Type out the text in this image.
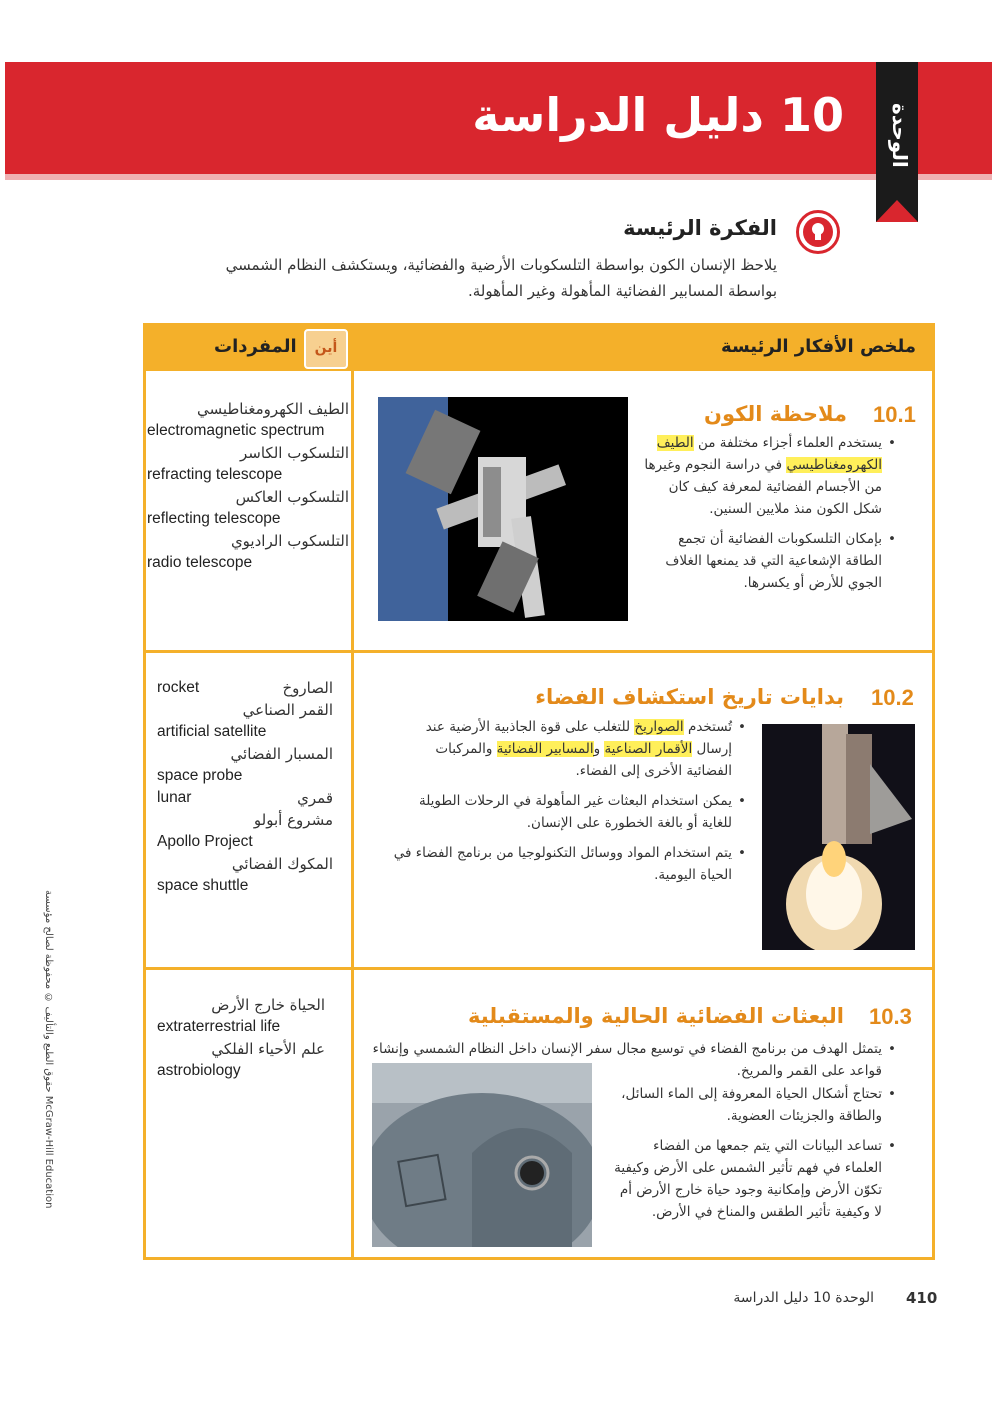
10 دليل الدراسة	الوحدة
الفكرة الرئيسة
يلاحظ الإنسان الكون بواسطة التلسكوبات الأرضية والفضائية، ويستكشف النظام الشمسي بواسطة المسابير الفضائية المأهولة وغير المأهولة.
ملخص الأفكار الرئيسة
المفردات	أين
10.1
ملاحظة الكون
• يستخدم العلماء أجزاء مختلفة من الطيف الكهرومغناطيسي في دراسة النجوم وغيرها من الأجسام الفضائية لمعرفة كيف كان شكل الكون منذ ملايين السنين.
• بإمكان التلسكوبات الفضائية أن تجمع الطاقة الإشعاعية التي قد يمنعها الغلاف الجوي للأرض أو يكسرها.
الطيف الكهرومغناطيسي
electromagnetic spectrum
التلسكوب الكاسر
refracting telescope
التلسكوب العاكس
reflecting telescope
التلسكوب الراديوي
radio telescope
10.2
بدايات تاريخ استكشاف الفضاء
• تُستخدم الصواريخ للتغلب على قوة الجاذبية الأرضية عند إرسال الأقمار الصناعية والمسابير الفضائية والمركبات الفضائية الأخرى إلى الفضاء.
• يمكن استخدام البعثات غير المأهولة في الرحلات الطويلة للغاية أو بالغة الخطورة على الإنسان.
• يتم استخدام المواد ووسائل التكنولوجيا من برنامج الفضاء في الحياة اليومية.
rocket	الصاروخ
القمر الصناعي
artificial satellite
المسبار الفضائي
space probe
lunar	قمري
مشروع أبولو
Apollo Project
المكوك الفضائي
space shuttle
10.3
البعثات الفضائية الحالية والمستقبلية
• يتمثل الهدف من برنامج الفضاء في توسيع مجال سفر الإنسان داخل النظام الشمسي وإنشاء قواعد على القمر والمريخ.
• تحتاج أشكال الحياة المعروفة إلى الماء السائل، والطاقة والجزيئات العضوية.
• تساعد البيانات التي يتم جمعها من الفضاء العلماء في فهم تأثير الشمس على الأرض وكيفية تكوّن الأرض وإمكانية وجود حياة خارج الأرض أم لا وكيفية تأثير الطقس والمناخ في الأرض.
الحياة خارج الأرض
extraterrestrial life
علم الأحياء الفلكي
astrobiology
410
الوحدة 10 دليل الدراسة
حقوق الطبع والتأليف © محفوظة لصالح مؤسسة McGraw-Hill Education
